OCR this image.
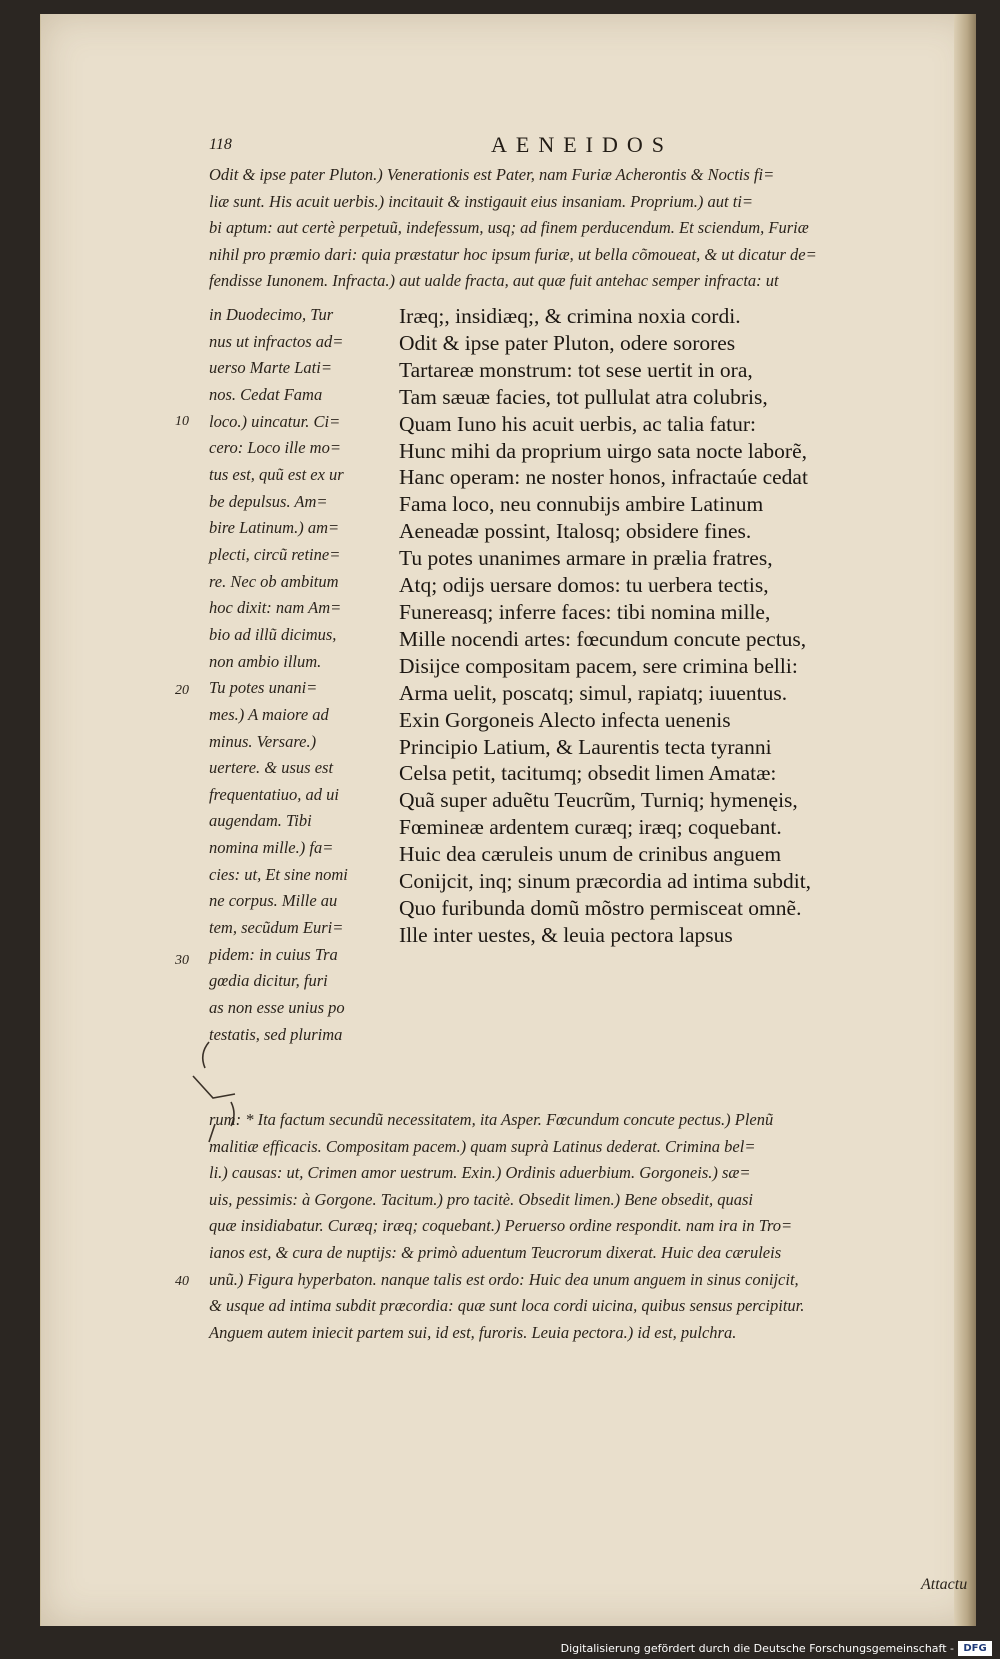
118	AENEIDOS
Odit & ipse pater Pluton.) Venerationis est Pater, nam Furiæ Acherontis & Noctis fi=
liæ sunt. His acuit uerbis.) incitauit & instigauit eius insaniam. Proprium.) aut ti=
bi aptum: aut certè perpetuũ, indefessum, usq; ad finem perducendum. Et sciendum, Furiæ
nihil pro præmio dari: quia præstatur hoc ipsum furiæ, ut bella cõmoueat, & ut dicatur de=
fendisse Iunonem. Infracta.) aut ualde fracta, aut quæ fuit antehac semper infracta: ut
in Duodecimo, Tur
nus ut infractos ad=
uerso Marte Lati=
nos. Cedat Fama
loco.) uincatur. Ci=
cero: Loco ille mo=
tus est, quũ est ex ur
be depulsus. Am=
bire Latinum.) am=
plecti, circũ retine=
re. Nec ob ambitum
hoc dixit: nam Am=
bio ad illũ dicimus,
non ambio illum.
Tu potes unani=
mes.) A maiore ad
minus. Versare.)
uertere. & usus est
frequentatiuo, ad ui
augendam. Tibi
nomina mille.) fa=
cies: ut, Et sine nomi
ne corpus. Mille au
tem, secũdum Euri=
pidem: in cuius Tra
gœdia dicitur, furi
as non esse unius po
testatis, sed plurima
Iræq;, insidiæq;, & crimina noxia cordi.
Odit & ipse pater Pluton, odere sorores
Tartareæ monstrum: tot sese uertit in ora,
Tam sæuæ facies, tot pullulat atra colubris,
Quam Iuno his acuit uerbis, ac talia fatur:
Hunc mihi da proprium uirgo sata nocte laborẽ,
Hanc operam: ne noster honos, infractaúe cedat
Fama loco, neu connubijs ambire Latinum
Aeneadæ possint, Italosq; obsidere fines.
Tu potes unanimes armare in prælia fratres,
Atq; odijs uersare domos: tu uerbera tectis,
Funereasq; inferre faces: tibi nomina mille,
Mille nocendi artes: fœcundum concute pectus,
Disijce compositam pacem, sere crimina belli:
Arma uelit, poscatq; simul, rapiatq; iuuentus.
Exin Gorgoneis Alecto infecta uenenis
Principio Latium, & Laurentis tecta tyranni
Celsa petit, tacitumq; obsedit limen Amatæ:
Quã super aduẽtu Teucrũm, Turniq; hymenęis,
Fœmineæ ardentem curæq; iræq; coquebant.
Huic dea cæruleis unum de crinibus anguem
Conijcit, inq; sinum præcordia ad intima subdit,
Quo furibunda domũ mõstro permisceat omnẽ.
Ille inter uestes, & leuia pectora lapsus
10
20
30
40
rum: * Ita factum secundũ necessitatem, ita Asper. Fœcundum concute pectus.) Plenũ
malitiæ efficacis. Compositam pacem.) quam suprà Latinus dederat. Crimina bel=
li.) causas: ut, Crimen amor uestrum. Exin.) Ordinis aduerbium. Gorgoneis.) sæ=
uis, pessimis: à Gorgone. Tacitum.) pro tacitè. Obsedit limen.) Bene obsedit, quasi
quæ insidiabatur. Curæq; iræq; coquebant.) Peruerso ordine respondit. nam ira in Tro=
ianos est, & cura de nuptijs: & primò aduentum Teucrorum dixerat. Huic dea cæruleis
unũ.) Figura hyperbaton. nanque talis est ordo: Huic dea unum anguem in sinus conijcit,
& usque ad intima subdit præcordia: quæ sunt loca cordi uicina, quibus sensus percipitur.
Anguem autem iniecit partem sui, id est, furoris. Leuia pectora.) id est, pulchra.
Attactu
Digitalisierung gefördert durch die Deutsche Forschungsgemeinschaft - DFG
